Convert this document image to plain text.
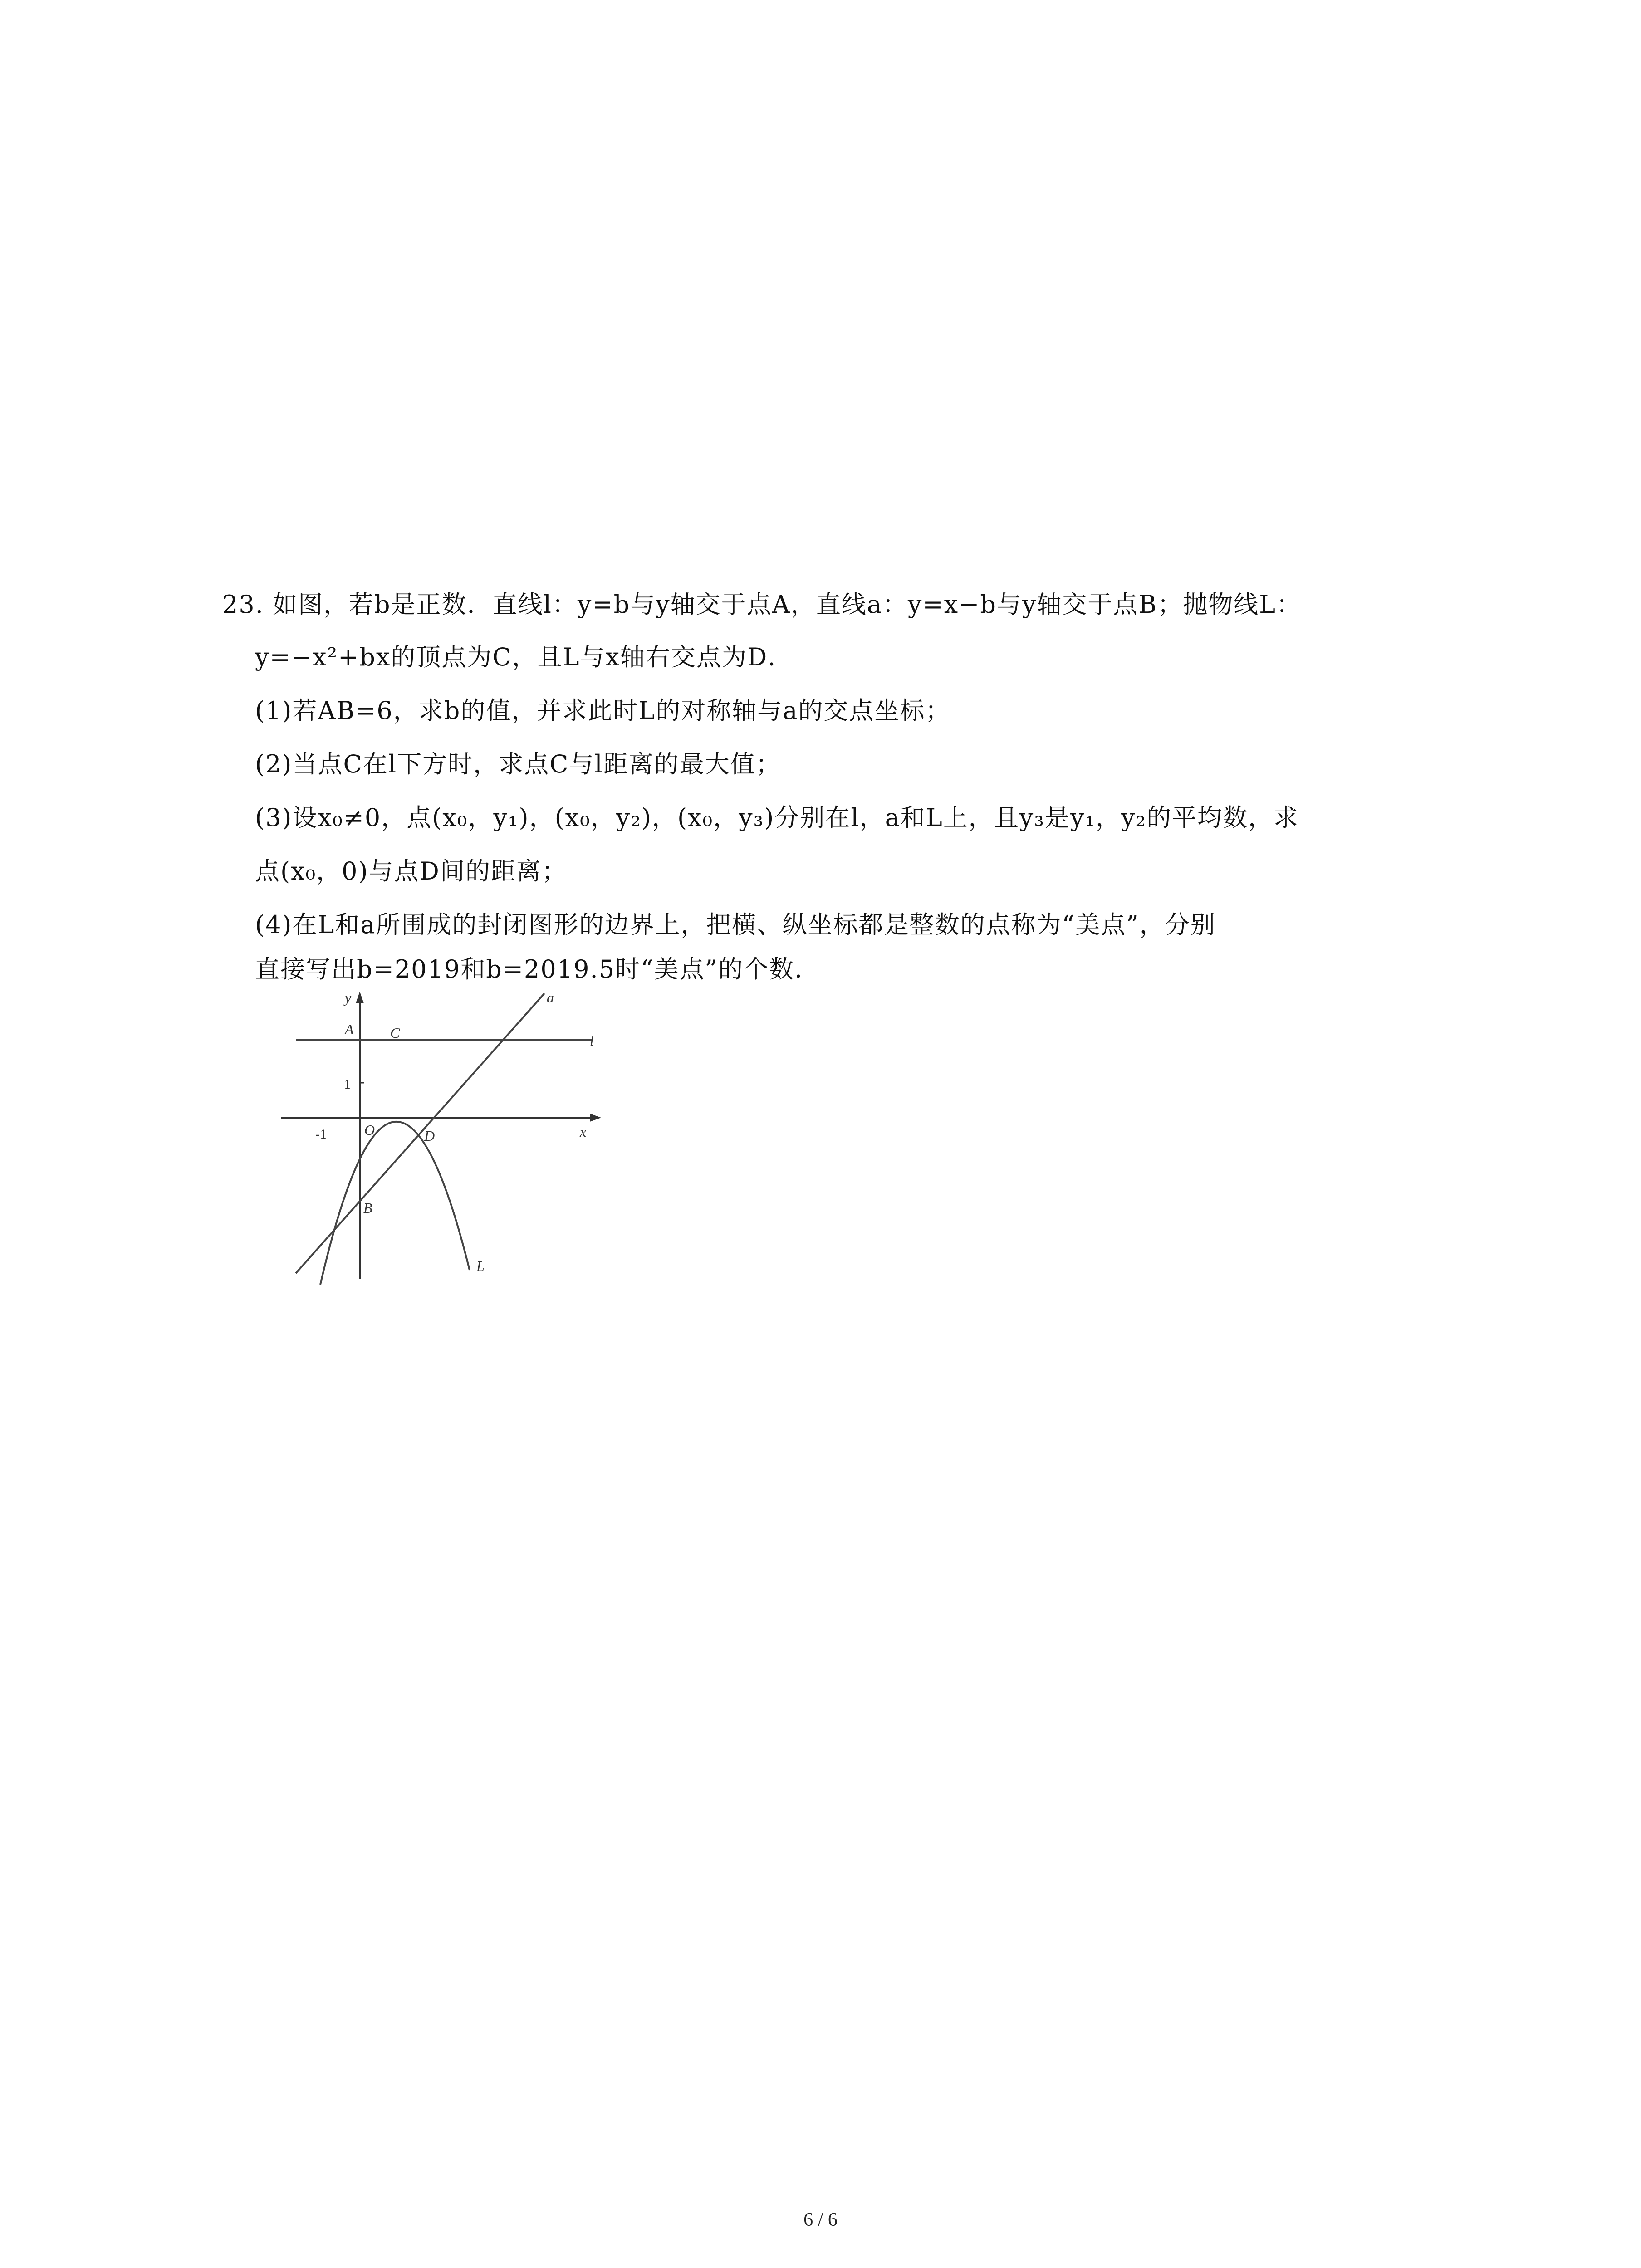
23. 如图，若b是正数．直线l：y=b与y轴交于点A，直线a：y=x−b与y轴交于点B；抛物线L：
y=−x²+bx的顶点为C，且L与x轴右交点为D．
(1)若AB=6，求b的值，并求此时L的对称轴与a的交点坐标；
(2)当点C在l下方时，求点C与l距离的最大值；
(3)设x₀≠0，点(x₀，y₁)，(x₀，y₂)，(x₀，y₃)分别在l，a和L上，且y₃是y₁，y₂的平均数，求
点(x₀，0)与点D间的距离；
(4)在L和a所围成的封闭图形的边界上，把横、纵坐标都是整数的点称为“美点”，分别
直接写出b=2019和b=2019.5时“美点”的个数．
y
x
A	C
1
-1	O	D
B
l
a
L
6 / 6
